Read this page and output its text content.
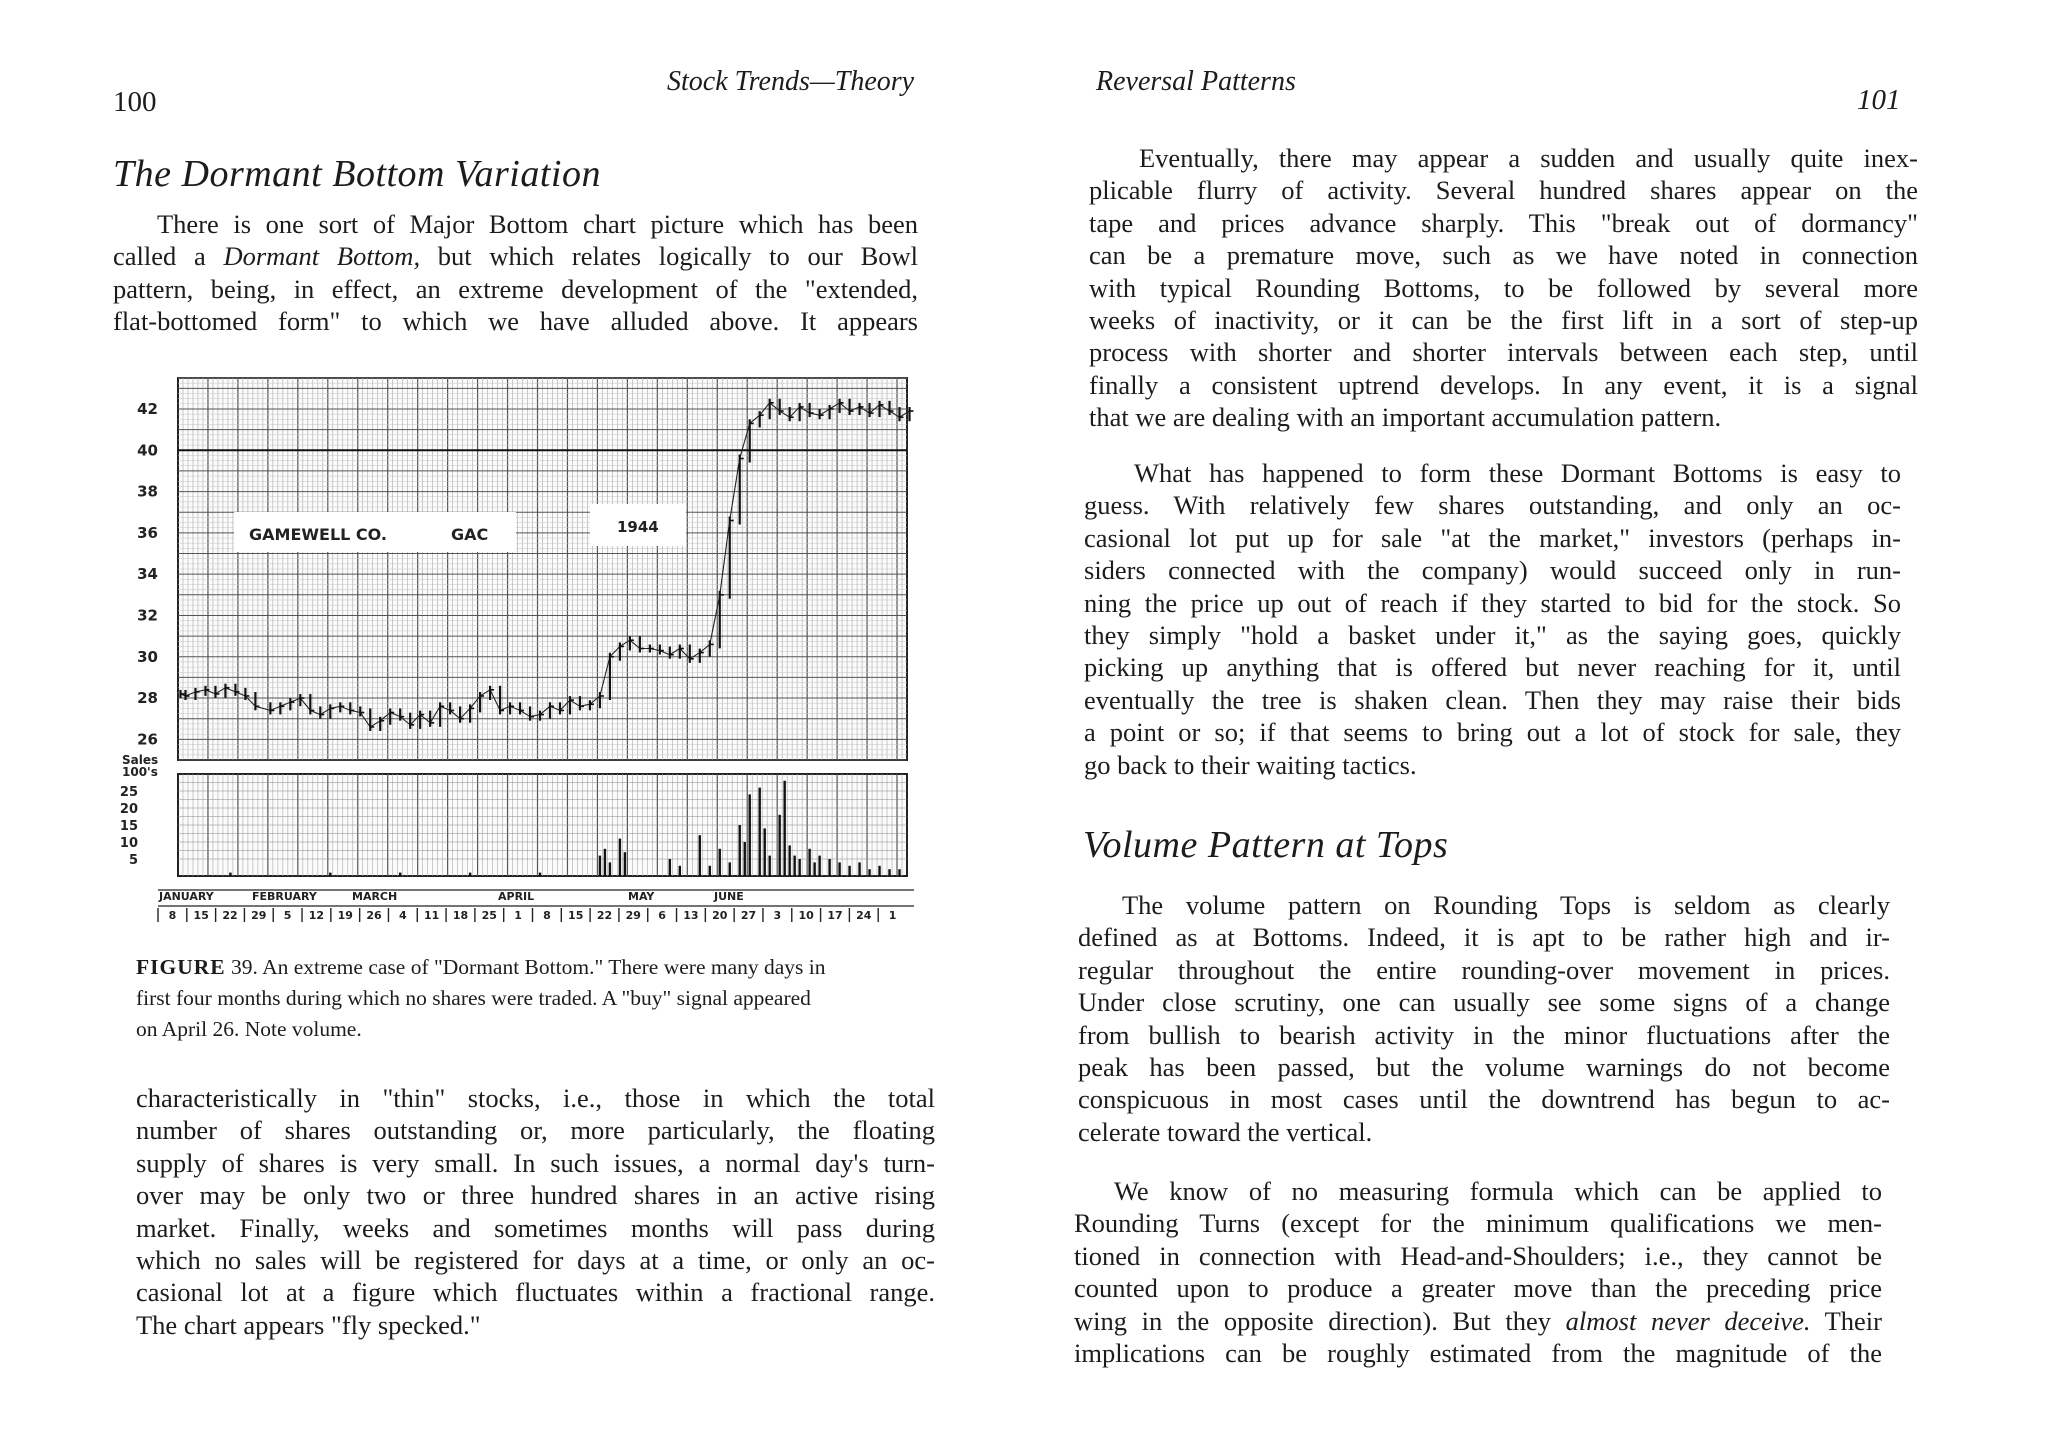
100
Stock Trends—Theory
The Dormant Bottom Variation
There is one sort of Major Bottom chart picture which has been
called a Dormant Bottom, but which relates logically to our Bowl
pattern, being, in effect, an extreme development of the "extended,
flat-bottomed form" to which we have alluded above. It appears
42
40
38
36
34
32
30
28
26
Sales
100's
25
20
15
10
5
GAMEWELL CO.	GAC	1944
JANUARY	FEBRUARY	MARCH	APRIL	MAY	JUNE
8 15 22 29 5 12 19 26 4 11 18 25 1 8 15 22 29 6 13 20 27 3 10 17 24 1
FIGURE 39. An extreme case of "Dormant Bottom." There were many days in
first four months during which no shares were traded. A "buy" signal appeared
on April 26. Note volume.
characteristically in "thin" stocks, i.e., those in which the total
number of shares outstanding or, more particularly, the floating
supply of shares is very small. In such issues, a normal day's turn-
over may be only two or three hundred shares in an active rising
market. Finally, weeks and sometimes months will pass during
which no sales will be registered for days at a time, or only an oc-
casional lot at a figure which fluctuates within a fractional range.
The chart appears "fly specked."
Reversal Patterns
101
Eventually, there may appear a sudden and usually quite inex-
plicable flurry of activity. Several hundred shares appear on the
tape and prices advance sharply. This "break out of dormancy"
can be a premature move, such as we have noted in connection
with typical Rounding Bottoms, to be followed by several more
weeks of inactivity, or it can be the first lift in a sort of step-up
process with shorter and shorter intervals between each step, until
finally a consistent uptrend develops. In any event, it is a signal
that we are dealing with an important accumulation pattern.
What has happened to form these Dormant Bottoms is easy to
guess. With relatively few shares outstanding, and only an oc-
casional lot put up for sale "at the market," investors (perhaps in-
siders connected with the company) would succeed only in run-
ning the price up out of reach if they started to bid for the stock. So
they simply "hold a basket under it," as the saying goes, quickly
picking up anything that is offered but never reaching for it, until
eventually the tree is shaken clean. Then they may raise their bids
a point or so; if that seems to bring out a lot of stock for sale, they
go back to their waiting tactics.
Volume Pattern at Tops
The volume pattern on Rounding Tops is seldom as clearly
defined as at Bottoms. Indeed, it is apt to be rather high and ir-
regular throughout the entire rounding-over movement in prices.
Under close scrutiny, one can usually see some signs of a change
from bullish to bearish activity in the minor fluctuations after the
peak has been passed, but the volume warnings do not become
conspicuous in most cases until the downtrend has begun to ac-
celerate toward the vertical.
We know of no measuring formula which can be applied to
Rounding Turns (except for the minimum qualifications we men-
tioned in connection with Head-and-Shoulders; i.e., they cannot be
counted upon to produce a greater move than the preceding price
wing in the opposite direction). But they almost never deceive. Their
implications can be roughly estimated from the magnitude of the
